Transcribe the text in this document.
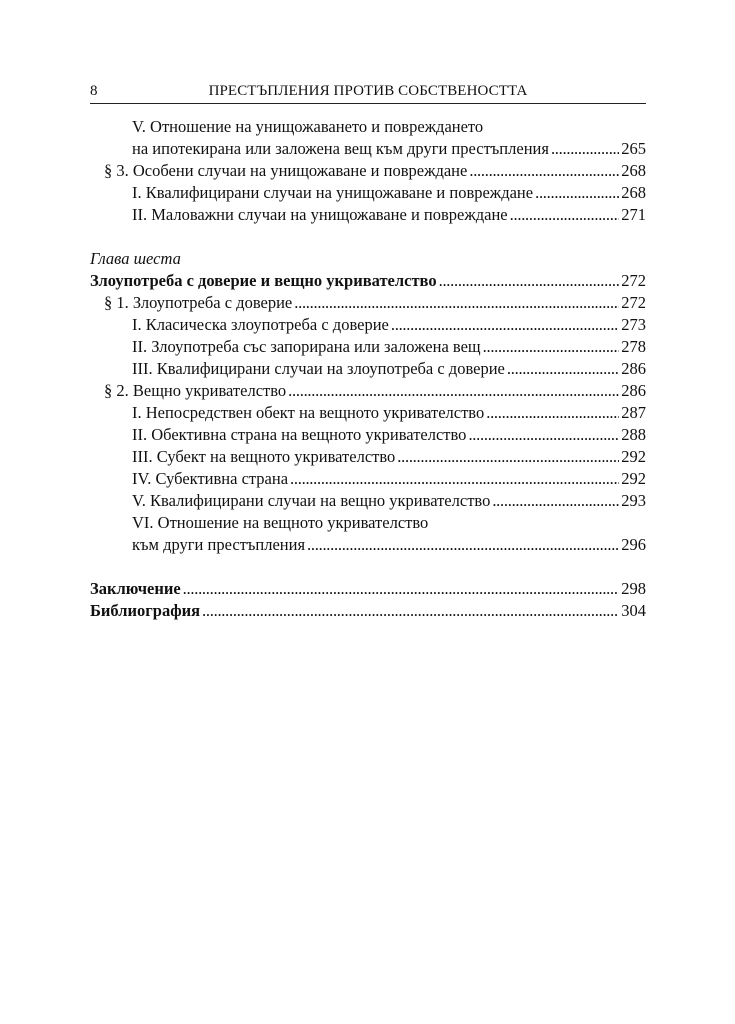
8	ПРЕСТЪПЛЕНИЯ ПРОТИВ СОБСТВЕНОСТТА
V. Отношение на унищожаването и повреждането
на ипотекирана или заложена вещ към други престъпления . . .	265
§ 3. Особени случаи на унищожаване и повреждане . . .	268
I. Квалифицирани случаи на унищожаване и повреждане . . .	268
II. Маловажни случаи на унищожаване и повреждане . . .	271
Глава шеста
Злоупотреба с доверие и вещно укривателство . . .	272
§ 1. Злоупотреба с доверие . . .	272
I. Класическа злоупотреба с доверие . . .	273
II. Злоупотреба със запорирана или заложена вещ . . .	278
III. Квалифицирани случаи на злоупотреба с доверие . . .	286
§ 2. Вещно укривателство . . .	286
I. Непосредствен обект на вещното укривателство . . .	287
II. Обективна страна на вещното укривателство . . .	288
III. Субект на вещното укривателство . . .	292
IV. Субективна страна . . .	292
V. Квалифицирани случаи на вещно укривателство . . .	293
VI. Отношение на вещното укривателство
към други престъпления . . .	296
Заключение . . .	298
Библиография . . .	304
